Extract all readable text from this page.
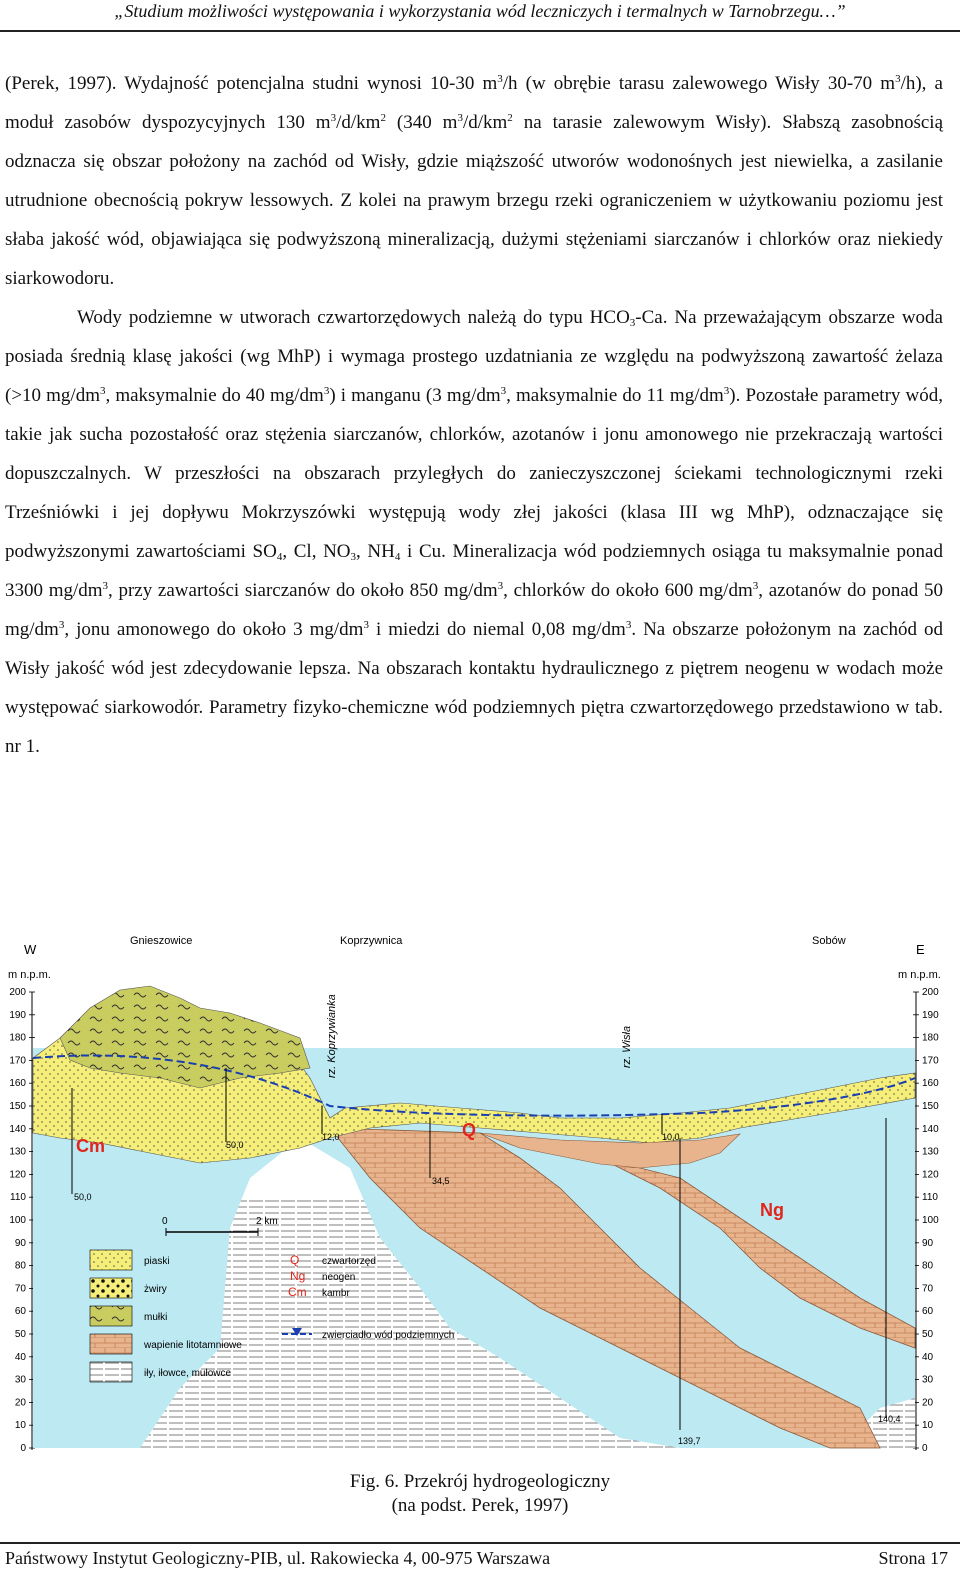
„Studium możliwości występowania i wykorzystania wód leczniczych i termalnych w Tarnobrzegu…”

(Perek, 1997). Wydajność potencjalna studni wynosi 10-30 $m^3/h$ (w obrębie tarasu zalewowego Wisły 30-70 $m^3/h$), a moduł zasobów dyspozycyjnych 130 $m^3/d/km^2$ (340 $m^3/d/km^2$ na tarasie zalewowym Wisły). Słabszą zasobnością odznacza się obszar położony na zachód od Wisły, gdzie miąższość utworów wodonośnych jest niewielka, a zasilanie utrudnione obecnością pokryw lessowych. Z kolei na prawym brzegu rzeki ograniczeniem w użytkowaniu poziomu jest słaba jakość wód, objawiająca się podwyższoną mineralizacją, dużymi stężeniami siarczanów i chlorków oraz niekiedy siarkowodoru.

Wody podziemne w utworach czwartorzędowych należą do typu $HCO_3-Ca$. Na przeważającym obszarze woda posiada średnią klasę jakości (wg MhP) i wymaga prostego uzdatniania ze względu na podwyższoną zawartość żelaza (>10 $mg/dm^3$, maksymalnie do 40 $mg/dm^3$) i manganu (3 $mg/dm^3$, maksymalnie do 11 $mg/dm^3$). Pozostałe parametry wód, takie jak sucha pozostałość oraz stężenia siarczanów, chlorków, azotanów i jonu amonowego nie przekraczają wartości dopuszczalnych. W przeszłości na obszarach przyległych do zanieczyszczonej ściekami technologicznymi rzeki Trześniówki i jej dopływu Mokrzyszówki występują wody złej jakości (klasa III wg MhP), odznaczające się podwyższonymi zawartościami $SO_4$, Cl, $NO_3$, $NH_4$ i Cu. Mineralizacja wód podziemnych osiąga tu maksymalnie ponad 3300 $mg/dm^3$, przy zawartości siarczanów do około 850 $mg/dm^3$, chlorków do około 600 $mg/dm^3$, azotanów do ponad 50 $mg/dm^3$, jonu amonowego do około 3 $mg/dm^3$ i miedzi do niemal 0,08 $mg/dm^3$. Na obszarze położonym na zachód od Wisły jakość wód jest zdecydowanie lepsza. Na obszarach kontaktu hydraulicznego z piętrem neogenu w wodach może występować siarkowodór. Parametry fizyko-chemiczne wód podziemnych piętra czwartorzędowego przedstawiono w tab. nr 1.

W	E
m n.p.m.	m n.p.m.
Gnieszowice	Koprzywnica	Sobów
200
190
180
170
160
150
140
130
120
110
100
90
80
70
60
50
40
30
20
10
0
200
190
180
170
160
150
140
130
120
110
100
90
80
70
60
50
40
30
20
10
0
rz. Koprzywianka	rz. Wisła
Cm
Q
Ng
50,0
50,0
12,0
34,5
10,0
139,7
140,4
0	2 km
piaski
żwiry
mułki
wapienie litotamniowe
iły, iłowce, mułowce
Q
Ng
Cm
czwartorzęd
neogen
kambr
zwierciadło wód podziemnych
Fig. 6. Przekrój hydrogeologiczny
(na podst. Perek, 1997)
Państwowy Instytut Geologiczny-PIB, ul. Rakowiecka 4, 00-975 Warszawa	Strona 17
